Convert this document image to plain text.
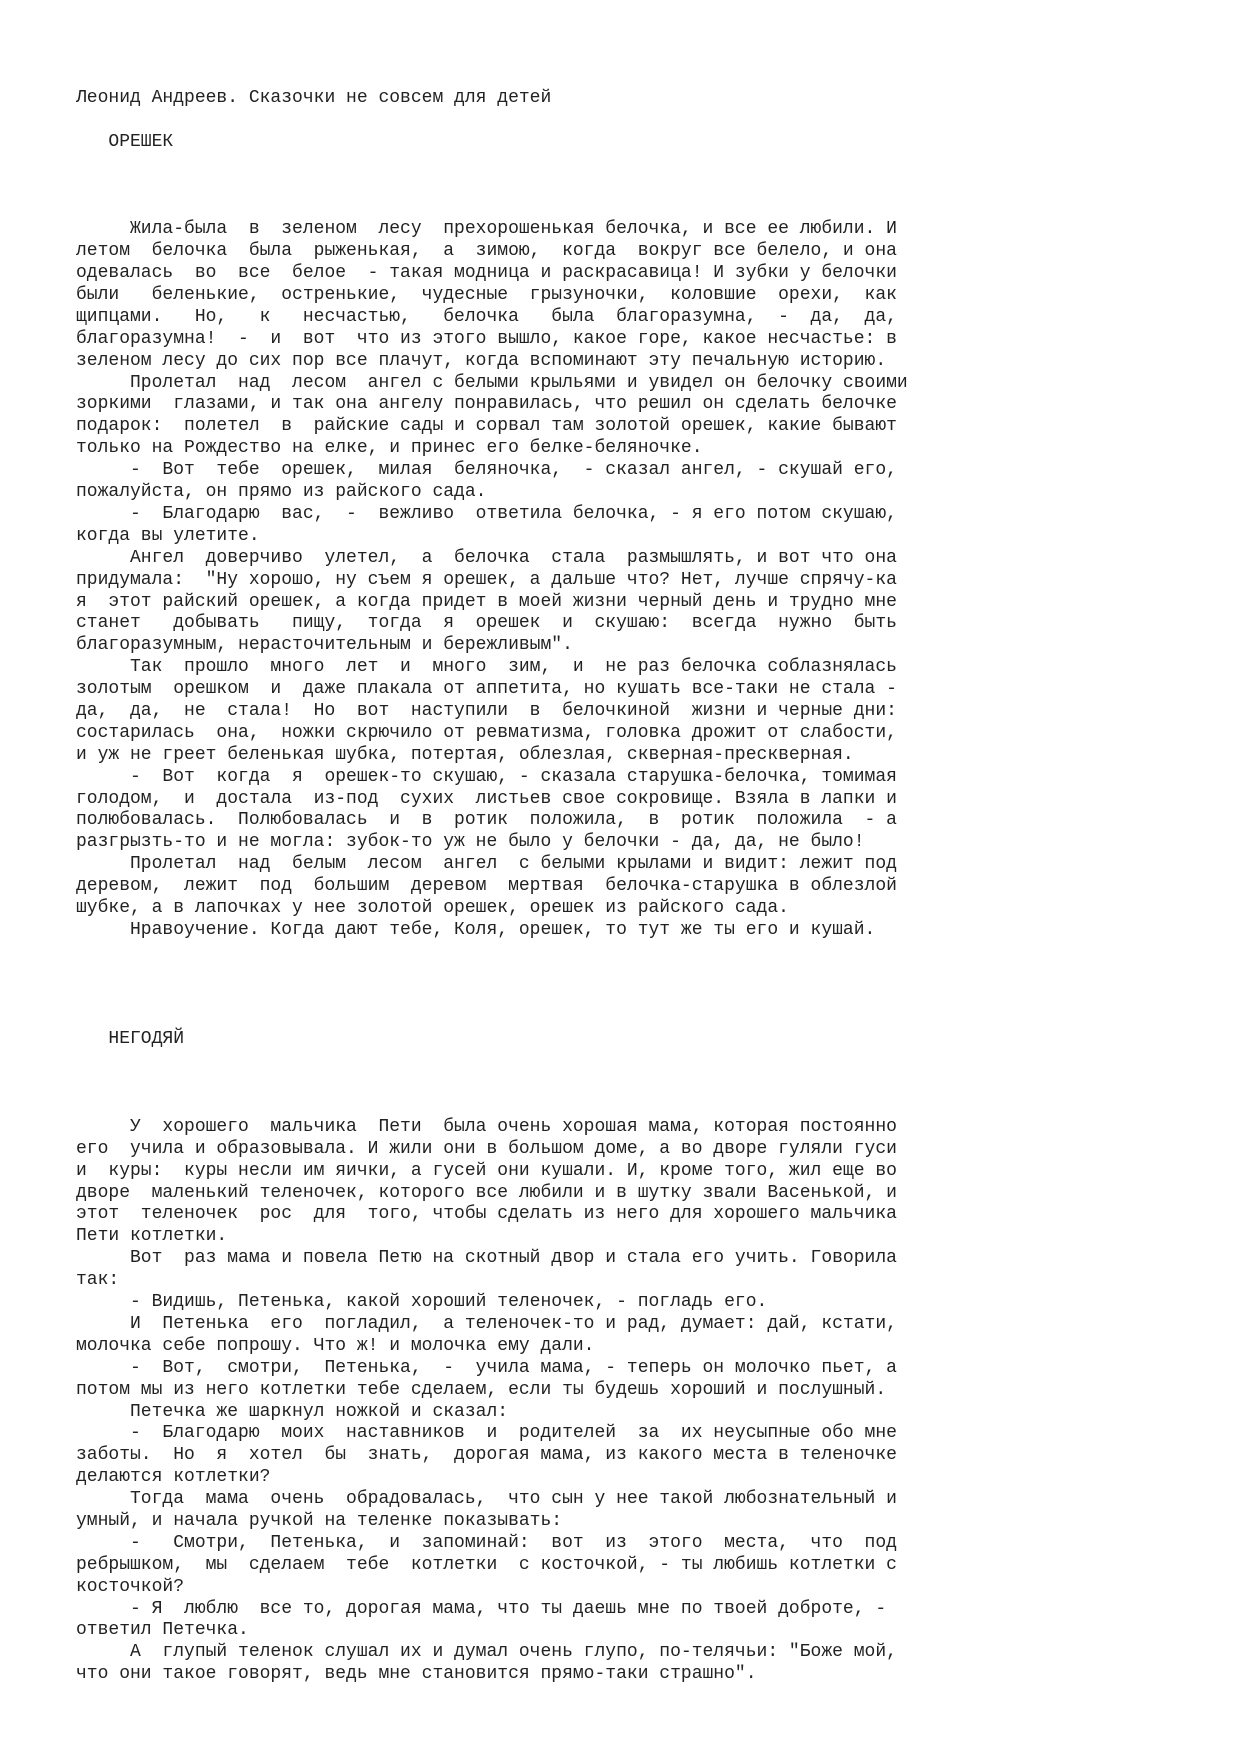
Леонид Андреев. Сказочки не совсем для детей
ОРЕШЕК
Жила-была  в  зеленом  лесу  прехорошенькая белочка, и все ее любили. И
летом  белочка  была  рыженькая,  а  зимою,  когда  вокруг все белело, и она
одевалась  во  все  белое  - такая модница и раскрасавица! И зубки у белочки
были   беленькие,  остренькие,  чудесные  грызуночки,  коловшие  орехи,  как
щипцами.   Но,   к   несчастью,   белочка   была  благоразумна,  -  да,  да,
благоразумна!  -  и  вот  что из этого вышло, какое горе, какое несчастье: в
зеленом лесу до сих пор все плачут, когда вспоминают эту печальную историю.
Пролетал  над  лесом  ангел с белыми крыльями и увидел он белочку своими
зоркими  глазами, и так она ангелу понравилась, что решил он сделать белочке
подарок:  полетел  в  райские сады и сорвал там золотой орешек, какие бывают
только на Рождество на елке, и принес его белке-беляночке.
-  Вот  тебе  орешек,  милая  беляночка,  - сказал ангел, - скушай его,
пожалуйста, он прямо из райского сада.
-  Благодарю  вас,  -  вежливо  ответила белочка, - я его потом скушаю,
когда вы улетите.
Ангел  доверчиво  улетел,  а  белочка  стала  размышлять, и вот что она
придумала:  "Ну хорошо, ну съем я орешек, а дальше что? Нет, лучше спрячу-ка
я  этот райский орешек, а когда придет в моей жизни черный день и трудно мне
станет   добывать   пищу,  тогда  я  орешек  и  скушаю:  всегда  нужно  быть
благоразумным, нерасточительным и бережливым".
Так  прошло  много  лет  и  много  зим,  и  не раз белочка соблазнялась
золотым  орешком  и  даже плакала от аппетита, но кушать все-таки не стала -
да,  да,  не  стала!  Но  вот  наступили  в  белочкиной  жизни и черные дни:
состарилась  она,  ножки скрючило от ревматизма, головка дрожит от слабости,
и уж не греет беленькая шубка, потертая, облезлая, скверная-прескверная.
-  Вот  когда  я  орешек-то скушаю, - сказала старушка-белочка, томимая
голодом,  и  достала  из-под  сухих  листьев свое сокровище. Взяла в лапки и
полюбовалась.  Полюбовалась  и  в  ротик  положила,  в  ротик  положила  - а
разгрызть-то и не могла: зубок-то уж не было у белочки - да, да, не было!
Пролетал  над  белым  лесом  ангел  с белыми крылами и видит: лежит под
деревом,  лежит  под  большим  деревом  мертвая  белочка-старушка в облезлой
шубке, а в лапочках у нее золотой орешек, орешек из райского сада.
Нравоучение. Когда дают тебе, Коля, орешек, то тут же ты его и кушай.
НЕГОДЯЙ
У  хорошего  мальчика  Пети  была очень хорошая мама, которая постоянно
его  учила и образовывала. И жили они в большом доме, а во дворе гуляли гуси
и  куры:  куры несли им яички, а гусей они кушали. И, кроме того, жил еще во
дворе  маленький теленочек, которого все любили и в шутку звали Васенькой, и
этот  теленочек  рос  для  того, чтобы сделать из него для хорошего мальчика
Пети котлетки.
Вот  раз мама и повела Петю на скотный двор и стала его учить. Говорила
так:
- Видишь, Петенька, какой хороший теленочек, - погладь его.
И  Петенька  его  погладил,  а теленочек-то и рад, думает: дай, кстати,
молочка себе попрошу. Что ж! и молочка ему дали.
-  Вот,  смотри,  Петенька,  -  учила мама, - теперь он молочко пьет, а
потом мы из него котлетки тебе сделаем, если ты будешь хороший и послушный.
Петечка же шаркнул ножкой и сказал:
-  Благодарю  моих  наставников  и  родителей  за  их неусыпные обо мне
заботы.  Но  я  хотел  бы  знать,  дорогая мама, из какого места в теленочке
делаются котлетки?
Тогда  мама  очень  обрадовалась,  что сын у нее такой любознательный и
умный, и начала ручкой на теленке показывать:
-   Смотри,  Петенька,  и  запоминай:  вот  из  этого  места,  что  под
ребрышком,  мы  сделаем  тебе  котлетки  с косточкой, - ты любишь котлетки с
косточкой?
- Я  люблю  все то, дорогая мама, что ты даешь мне по твоей доброте, -
ответил Петечка.
А  глупый теленок слушал их и думал очень глупо, по-телячьи: "Боже мой,
что они такое говорят, ведь мне становится прямо-таки страшно".
